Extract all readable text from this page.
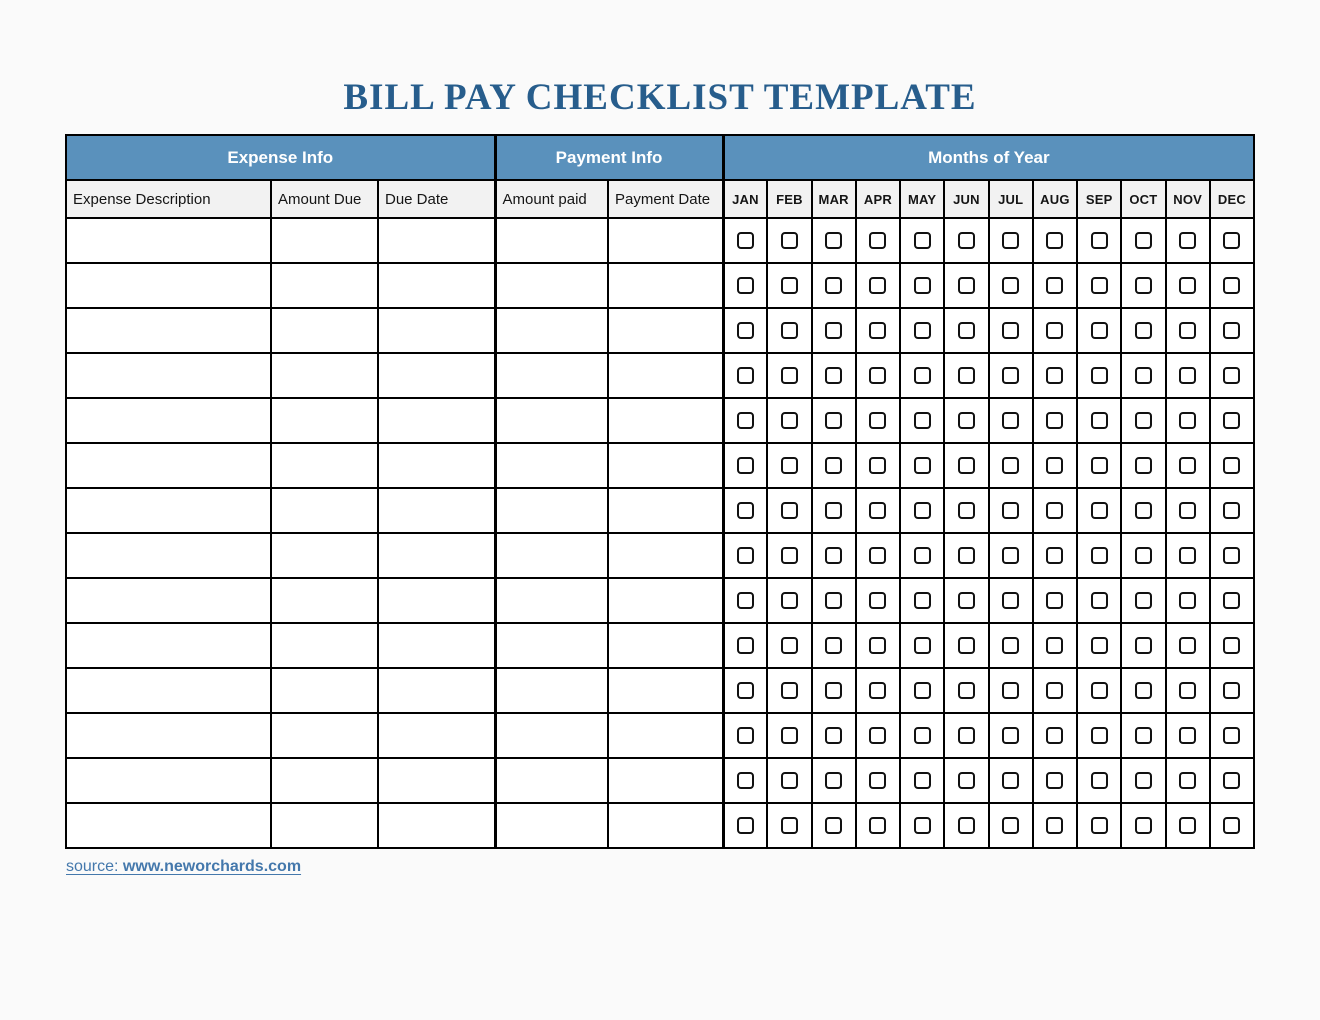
BILL PAY CHECKLIST TEMPLATE
Expense Info			Payment Info		Months of Year											
Expense Description	Amount Due	Due Date	Amount paid	Payment Date	JAN	FEB	MAR	APR	MAY	JUN	JUL	AUG	SEP	OCT	NOV	DEC

source: www.neworchards.com
